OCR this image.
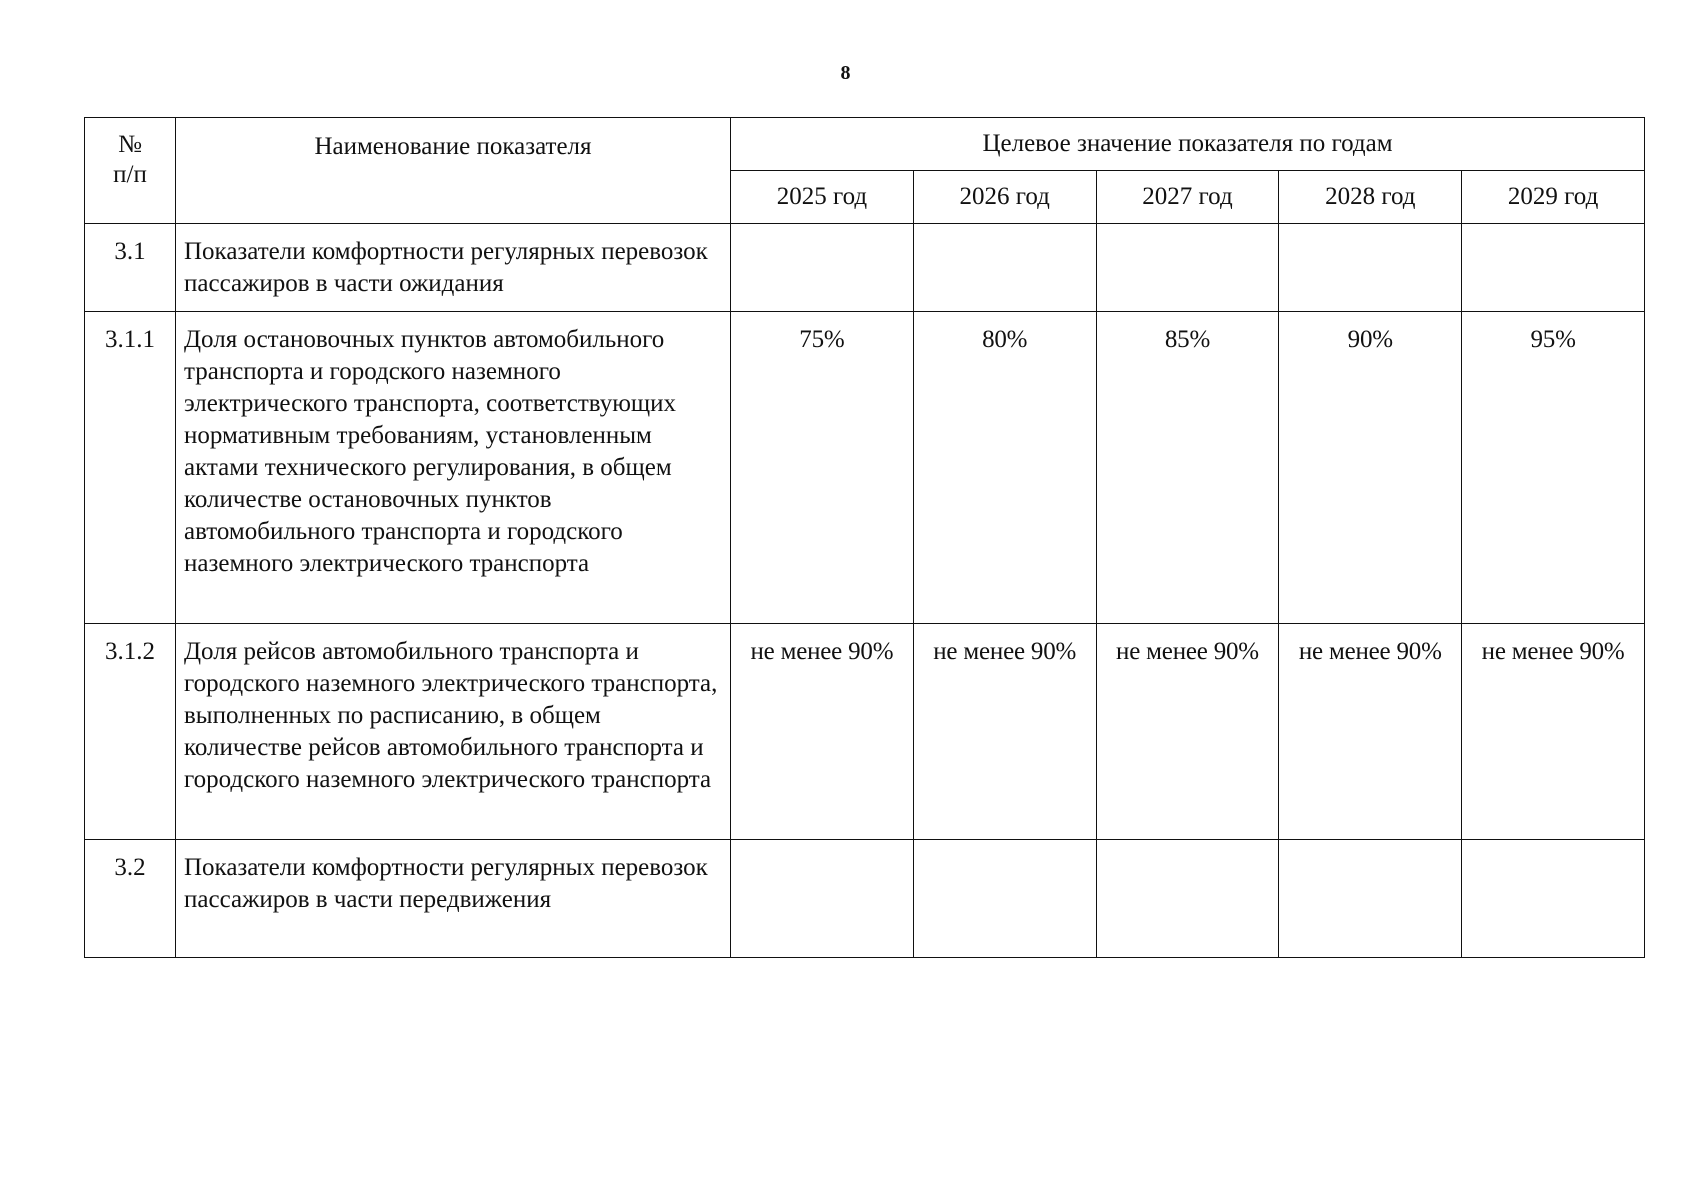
8
№
п/п	Наименование показателя	Целевое значение показателя по годам				
		2025 год	2026 год	2027 год	2028 год	2029 год
3.1	Показатели комфортности регулярных перевозок пассажиров в части ожидания					
3.1.1	Доля остановочных пунктов автомобильного транспорта и городского наземного электрического транспорта, соответствующих нормативным требованиям, установленным актами технического регулирования, в общем количестве остановочных пунктов автомобильного транспорта и городского наземного электрического транспорта	75%	80%	85%	90%	95%
3.1.2	Доля рейсов автомобильного транспорта и городского наземного электрического транспорта, выполненных по расписанию, в общем количестве рейсов автомобильного транспорта и городского наземного электрического транспорта	не менее 90%	не менее 90%	не менее 90%	не менее 90%	не менее 90%
3.2	Показатели комфортности регулярных перевозок пассажиров в части передвижения					
